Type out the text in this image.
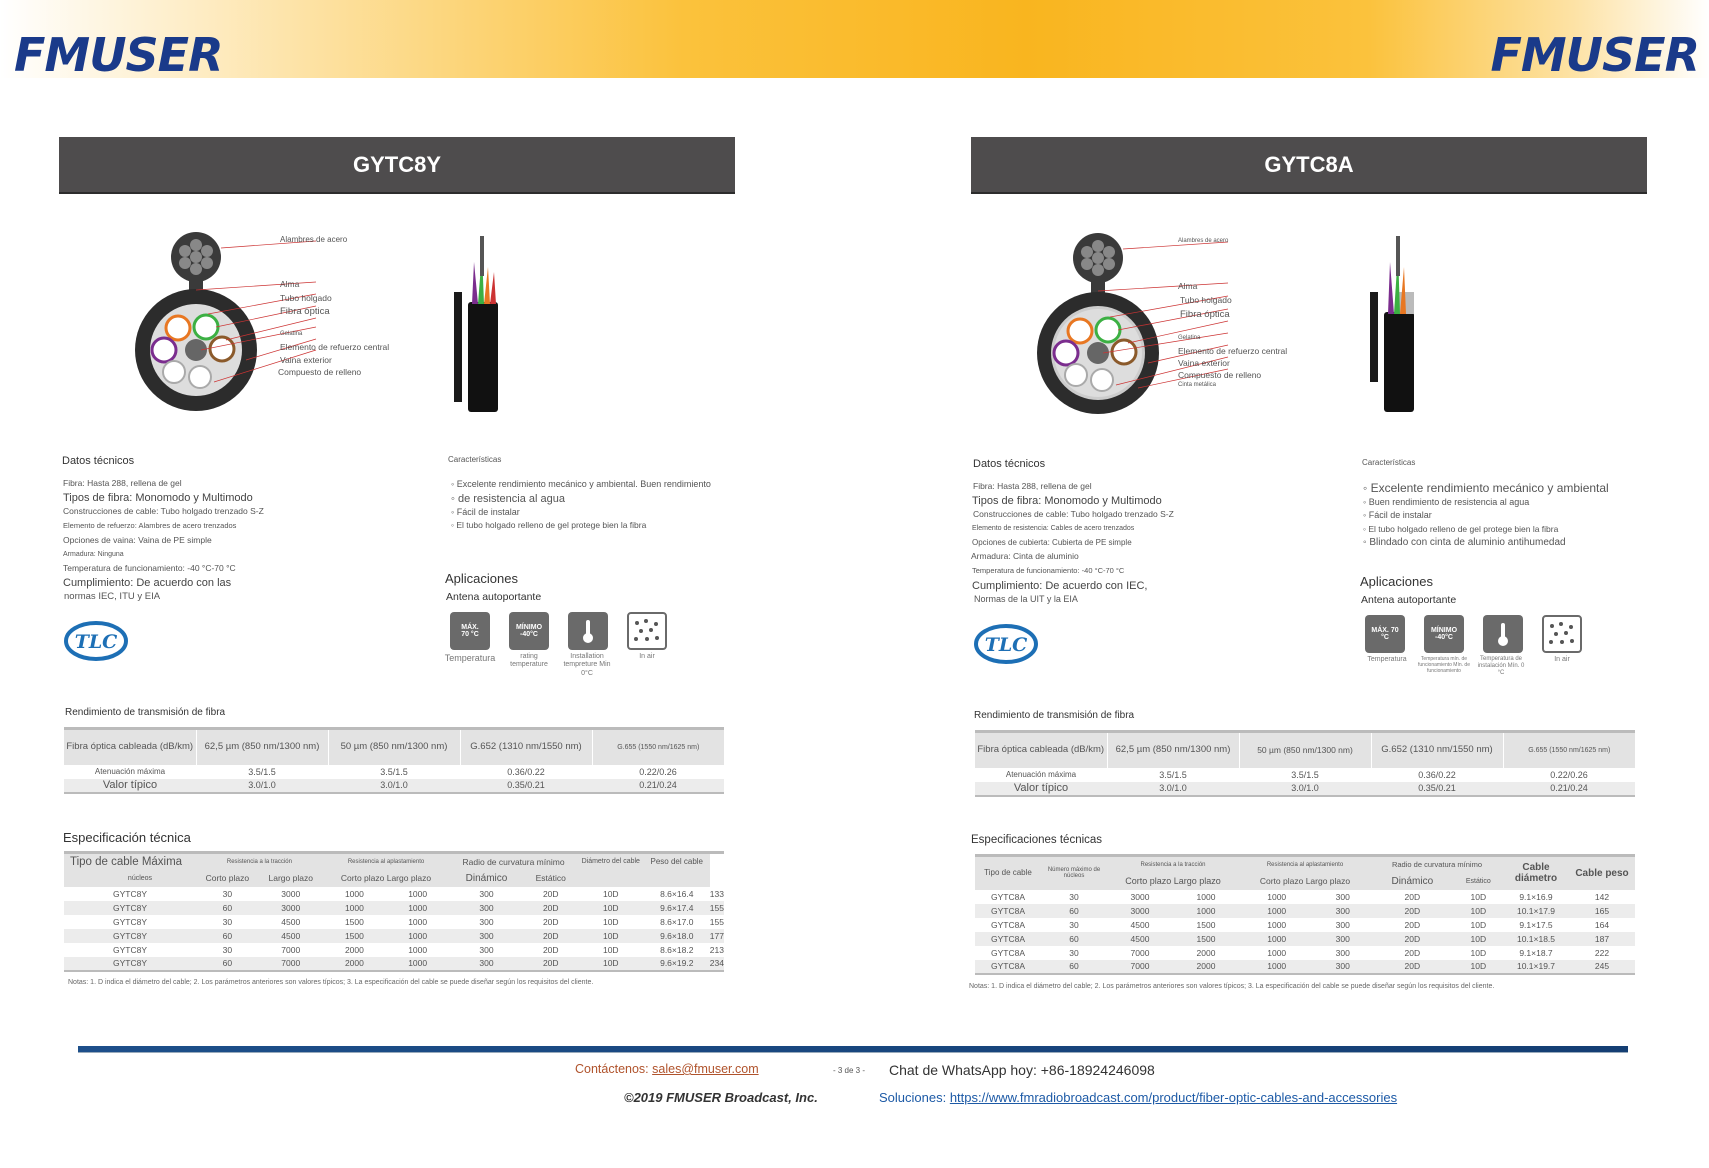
FMUSER	FMUSER
GYTC8Y
Alambres de acero
Alma
Tubo holgado
Fibra óptica
Gelatina
Elemento de refuerzo central
Vaina exterior
Compuesto de relleno
Datos técnicos
Fibra: Hasta 288, rellena de gel
Tipos de fibra: Monomodo y Multimodo
Construcciones de cable: Tubo holgado trenzado S-Z
Elemento de refuerzo: Alambres de acero trenzados
Opciones de vaina: Vaina de PE simple
Armadura: Ninguna
Temperatura de funcionamiento: -40 °C-70 °C
Cumplimiento: De acuerdo con las
normas IEC, ITU y EIA
Características
◦ Excelente rendimiento mecánico y ambiental. Buen rendimiento
◦ de resistencia al agua
◦ Fácil de instalar
◦ El tubo holgado relleno de gel protege bien la fibra
Aplicaciones
Antena autoportante
TLC
MÁX.
70 °C
MÍNIMO
-40°C
Temperatura	rating temperature
Installation tempreture Min 0°C
In air
Rendimiento de transmisión de fibra
Fibra óptica cableada (dB/km)	62,5 µm (850 nm/1300 nm)	50 µm (850 nm/1300 nm)	G.652 (1310 nm/1550 nm)	G.655 (1550 nm/1625 nm)
Atenuación máxima	3.5/1.5	3.5/1.5	0.36/0.22	0.22/0.26
Valor típico	3.0/1.0	3.0/1.0	0.35/0.21	0.21/0.24
Especificación técnica
Tipo de cable Máxima	Resistencia a la tracción		Resistencia al aplastamiento		Radio de curvatura mínimo		Diámetro del cable	Peso del cable	
núcleos	Corto plazo	Largo plazo	Corto plazo Largo plazo		Dinámico	Estático			
GYTC8Y	30	3000	1000	1000	300	20D	10D	8.6×16.4	133
GYTC8Y	60	3000	1000	1000	300	20D	10D	9.6×17.4	155
GYTC8Y	30	4500	1500	1000	300	20D	10D	8.6×17.0	155
GYTC8Y	60	4500	1500	1000	300	20D	10D	9.6×18.0	177
GYTC8Y	30	7000	2000	1000	300	20D	10D	8.6×18.2	213
GYTC8Y	60	7000	2000	1000	300	20D	10D	9.6×19.2	234
Notas: 1. D indica el diámetro del cable; 2. Los parámetros anteriores son valores típicos; 3. La especificación del cable se puede diseñar según los requisitos del cliente.
GYTC8A
Alambres de acero
Alma
Tubo holgado
Fibra óptica
Gelatina
Elemento de refuerzo central
Vaina exterior
Compuesto de relleno
Cinta metálica
Datos técnicos
Fibra: Hasta 288, rellena de gel
Tipos de fibra: Monomodo y Multimodo
Construcciones de cable: Tubo holgado trenzado S-Z
Elemento de resistencia: Cables de acero trenzados
Opciones de cubierta: Cubierta de PE simple
Armadura: Cinta de aluminio
Temperatura de funcionamiento: -40 °C-70 °C
Cumplimiento: De acuerdo con IEC,
Normas de la UIT y la EIA
Características
◦ Excelente rendimiento mecánico y ambiental
◦ Buen rendimiento de resistencia al agua
◦ Fácil de instalar
◦ El tubo holgado relleno de gel protege bien la fibra
◦ Blindado con cinta de aluminio antihumedad
Aplicaciones
Antena autoportante
TLC
MÁX. 70
°C
MÍNIMO
-40°C
Temperatura	Temperatura mín. de funcionamiento Mín. de funcionamiento
Temperatura de instalación Mín. 0 °C
In air
Rendimiento de transmisión de fibra
Fibra óptica cableada (dB/km)	62,5 µm (850 nm/1300 nm)	50 µm (850 nm/1300 nm)	G.652 (1310 nm/1550 nm)	G.655 (1550 nm/1625 nm)
Atenuación máxima	3.5/1.5	3.5/1.5	0.36/0.22	0.22/0.26
Valor típico	3.0/1.0	3.0/1.0	0.35/0.21	0.21/0.24
Especificaciones técnicas
Tipo de cable	Número máximo de núcleos	Resistencia a la tracción		Resistencia al aplastamiento		Radio de curvatura mínimo		Cable diámetro	Cable peso
		Corto plazo Largo plazo		Corto plazo Largo plazo		Dinámico	Estático		
GYTC8A	30	3000	1000	1000	300	20D	10D	9.1×16.9	142
GYTC8A	60	3000	1000	1000	300	20D	10D	10.1×17.9	165
GYTC8A	30	4500	1500	1000	300	20D	10D	9.1×17.5	164
GYTC8A	60	4500	1500	1000	300	20D	10D	10.1×18.5	187
GYTC8A	30	7000	2000	1000	300	20D	10D	9.1×18.7	222
GYTC8A	60	7000	2000	1000	300	20D	10D	10.1×19.7	245
Notas: 1. D indica el diámetro del cable; 2. Los parámetros anteriores son valores típicos; 3. La especificación del cable se puede diseñar según los requisitos del cliente.
Contáctenos: sales@fmuser.com	- 3 de 3 - Chat de WhatsApp hoy: +86-18924246098
©2019 FMUSER Broadcast, Inc.	Soluciones: https://www.fmradiobroadcast.com/product/fiber-optic-cables-and-accessories
